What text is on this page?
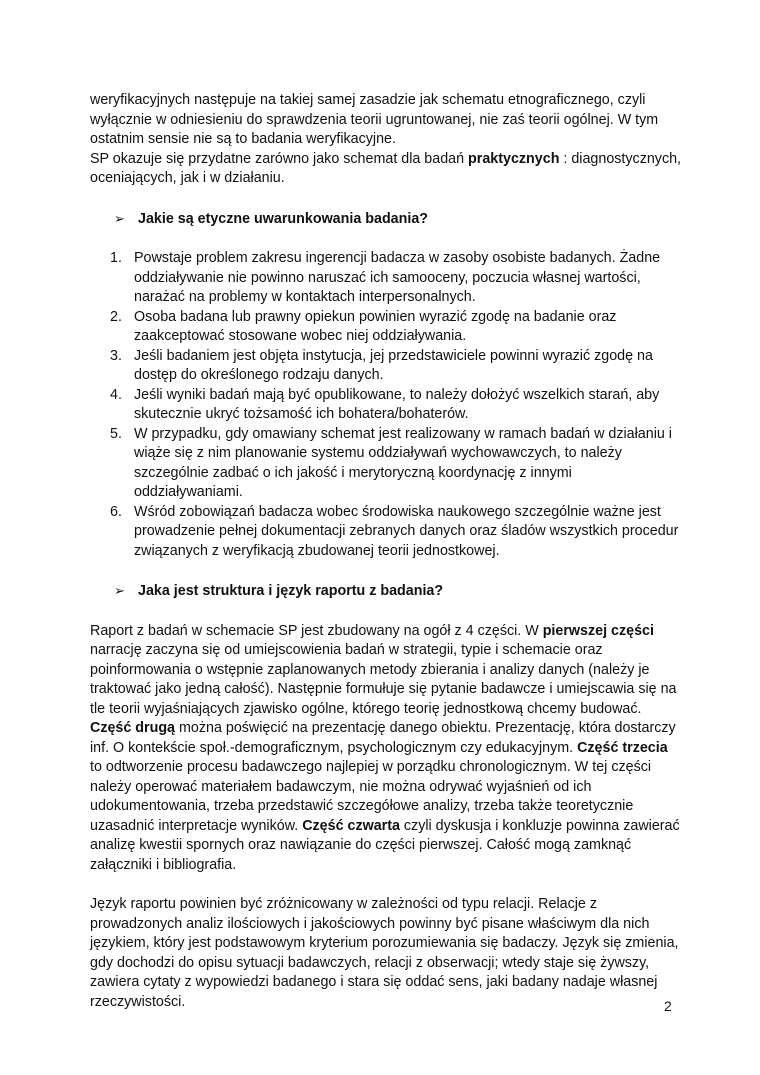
weryfikacyjnych następuje na takiej samej zasadzie jak schematu etnograficznego, czyli wyłącznie w odniesieniu do sprawdzenia teorii ugruntowanej, nie zaś teorii ogólnej. W tym ostatnim sensie nie są to badania weryfikacyjne.

SP okazuje się przydatne zarówno jako schemat dla badań praktycznych : diagnostycznych, oceniających, jak i w działaniu.

➢ Jakie są etyczne uwarunkowania badania?
1. Powstaje problem zakresu ingerencji badacza w zasoby osobiste badanych. Żadne oddziaływanie nie powinno naruszać ich samooceny, poczucia własnej wartości, narażać na problemy w kontaktach interpersonalnych.
2. Osoba badana lub prawny opiekun powinien wyrazić zgodę na badanie oraz zaakceptować stosowane wobec niej oddziaływania.
3. Jeśli badaniem jest objęta instytucja, jej przedstawiciele powinni wyrazić zgodę na dostęp do określonego rodzaju danych.
4. Jeśli wyniki badań mają być opublikowane, to należy dołożyć wszelkich starań, aby skutecznie ukryć tożsamość ich bohatera/bohaterów.
5. W przypadku, gdy omawiany schemat jest realizowany w ramach badań w działaniu i wiąże się z nim planowanie systemu oddziaływań wychowawczych, to należy szczególnie zadbać o ich jakość i merytoryczną koordynację z innymi oddziaływaniami.
6. Wśród zobowiązań badacza wobec środowiska naukowego szczególnie ważne jest prowadzenie pełnej dokumentacji zebranych danych oraz śladów wszystkich procedur związanych z weryfikacją zbudowanej teorii jednostkowej.
➢ Jaka jest struktura i język raportu z badania?

Raport z badań w schemacie SP jest zbudowany na ogół z 4 części. W pierwszej części narrację zaczyna się od umiejscowienia badań w strategii, typie i schemacie oraz poinformowania o wstępnie zaplanowanych metody zbierania i analizy danych (należy je traktować jako jedną całość). Następnie formułuje się pytanie badawcze i umiejscawia się na tle teorii wyjaśniających zjawisko ogólne, którego teorię jednostkową chcemy budować. Część drugą można poświęcić na prezentację danego obiektu. Prezentację, która dostarczy inf. O kontekście społ.-demograficznym, psychologicznym czy edukacyjnym. Część trzecia to odtworzenie procesu badawczego najlepiej w porządku chronologicznym. W tej części należy operować materiałem badawczym, nie można odrywać wyjaśnień od ich udokumentowania, trzeba przedstawić szczegółowe analizy, trzeba także teoretycznie uzasadnić interpretacje wyników. Część czwarta czyli dyskusja i konkluzje powinna zawierać analizę kwestii spornych oraz nawiązanie do części pierwszej. Całość mogą zamknąć załączniki i bibliografia.

Język raportu powinien być zróżnicowany w zależności od typu relacji. Relacje z prowadzonych analiz ilościowych i jakościowych powinny być pisane właściwym dla nich językiem, który jest podstawowym kryterium porozumiewania się badaczy. Język się zmienia, gdy dochodzi do opisu sytuacji badawczych, relacji z obserwacji; wtedy staje się żywszy, zawiera cytaty z wypowiedzi badanego i stara się oddać sens, jaki badany nadaje własnej rzeczywistości.	2
